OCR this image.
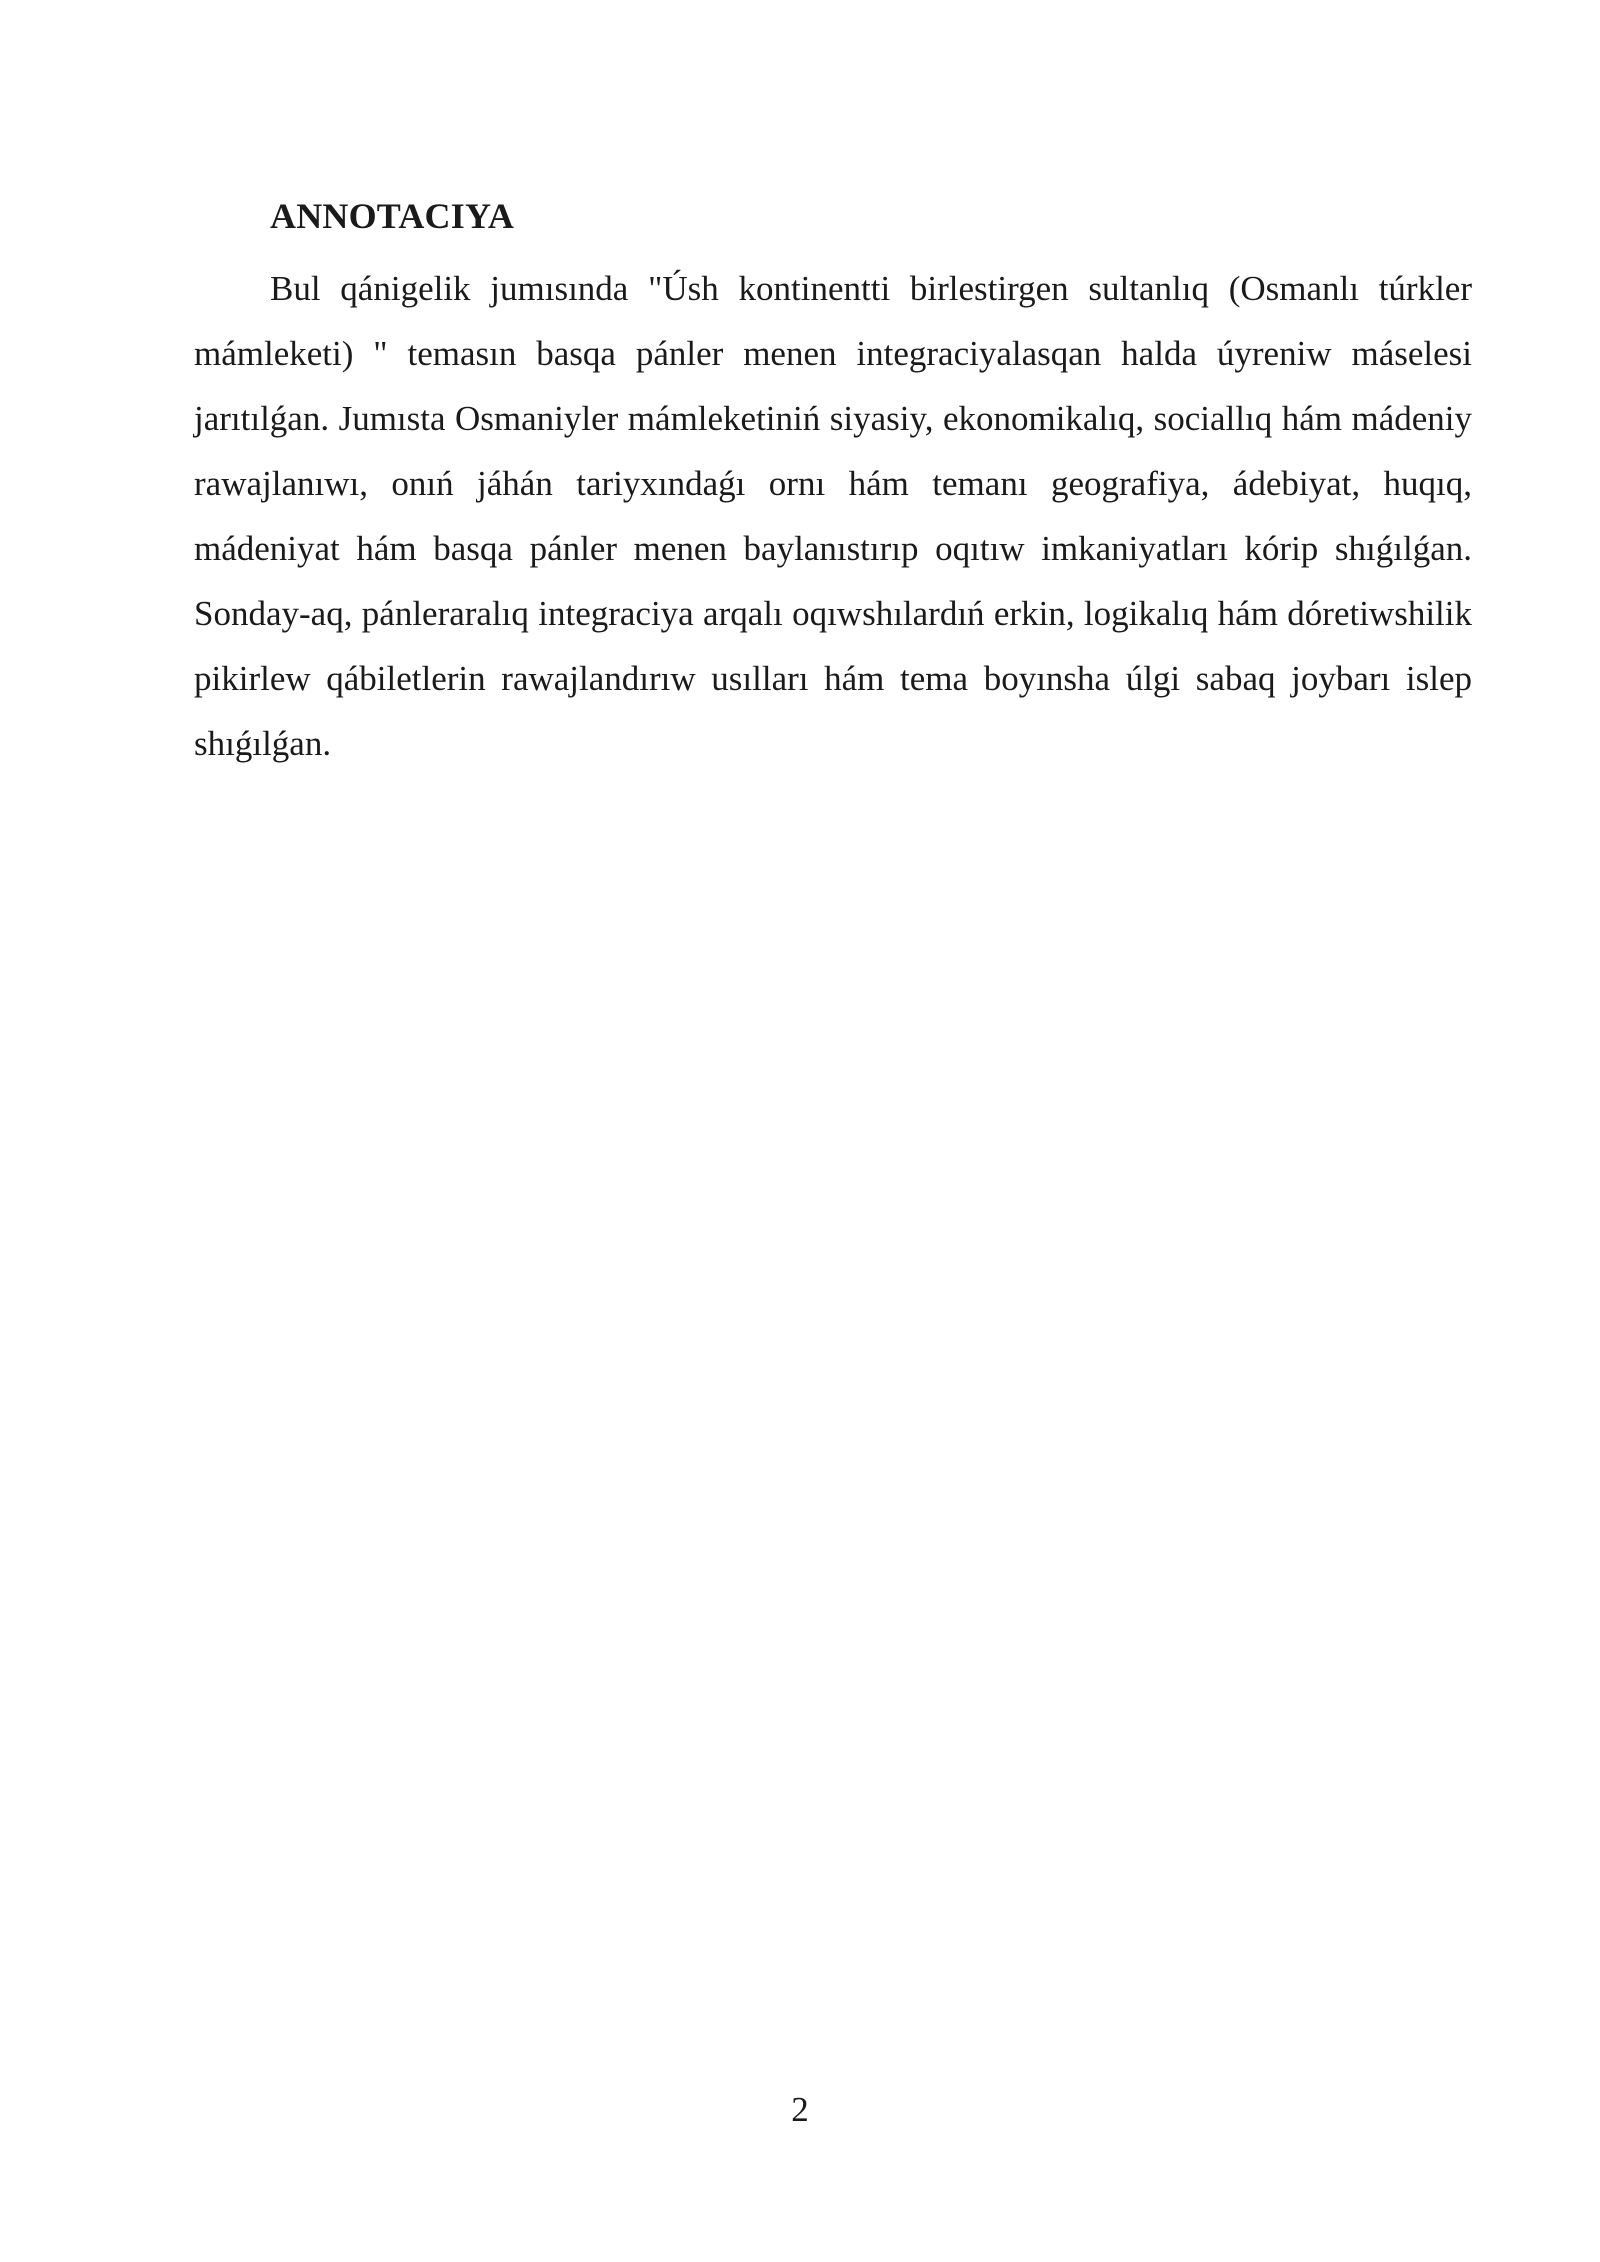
ANNOTACIYA

Bul qánigelik jumısında "Úsh kontinentti birlestirgen sultanlıq (Osmanlı túrkler mámleketi) " temasın basqa pánler menen integraciyalasqan halda úyreniw máselesi jarıtılǵan. Jumısta Osmaniyler mámleketiniń siyasiy, ekonomikalıq, sociallıq hám mádeniy rawajlanıwı, onıń jáhán tariyxındaǵı ornı hám temanı geografiya, ádebiyat, huqıq, mádeniyat hám basqa pánler menen baylanıstırıp oqıtıw imkaniyatları kórip shıǵılǵan. Sonday-aq, pánleraralıq integraciya arqalı oqıwshılardıń erkin, logikalıq hám dóretiwshilik pikirlew qábiletlerin rawajlandırıw usılları hám tema boyınsha úlgi sabaq joybarı islep shıǵılǵan.

2
